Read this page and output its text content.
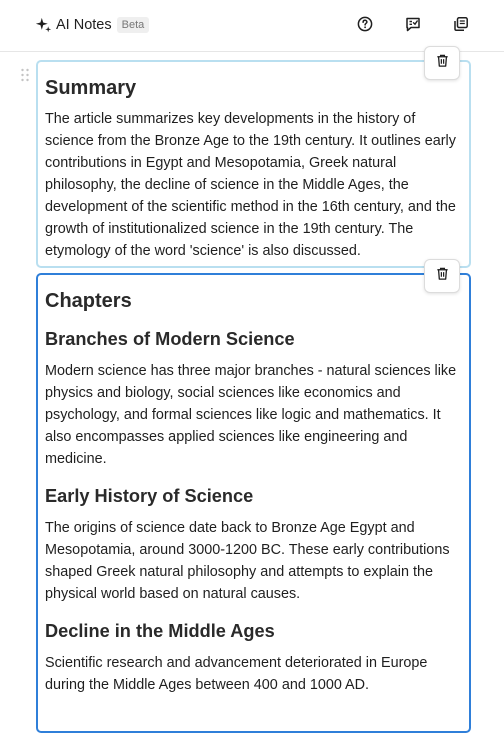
AI Notes Beta
Summary

The article summarizes key developments in the history of science from the Bronze Age to the 19th century. It outlines early contributions in Egypt and Mesopotamia, Greek natural philosophy, the decline of science in the Middle Ages, the development of the scientific method in the 16th century, and the growth of institutionalized science in the 19th century. The etymology of the word 'science' is also discussed.

Chapters
Branches of Modern Science

Modern science has three major branches - natural sciences like physics and biology, social sciences like economics and psychology, and formal sciences like logic and mathematics. It also encompasses applied sciences like engineering and medicine.

Early History of Science

The origins of science date back to Bronze Age Egypt and Mesopotamia, around 3000-1200 BC. These early contributions shaped Greek natural philosophy and attempts to explain the physical world based on natural causes.

Decline in the Middle Ages

Scientific research and advancement deteriorated in Europe during the Middle Ages between 400 and 1000 AD.
